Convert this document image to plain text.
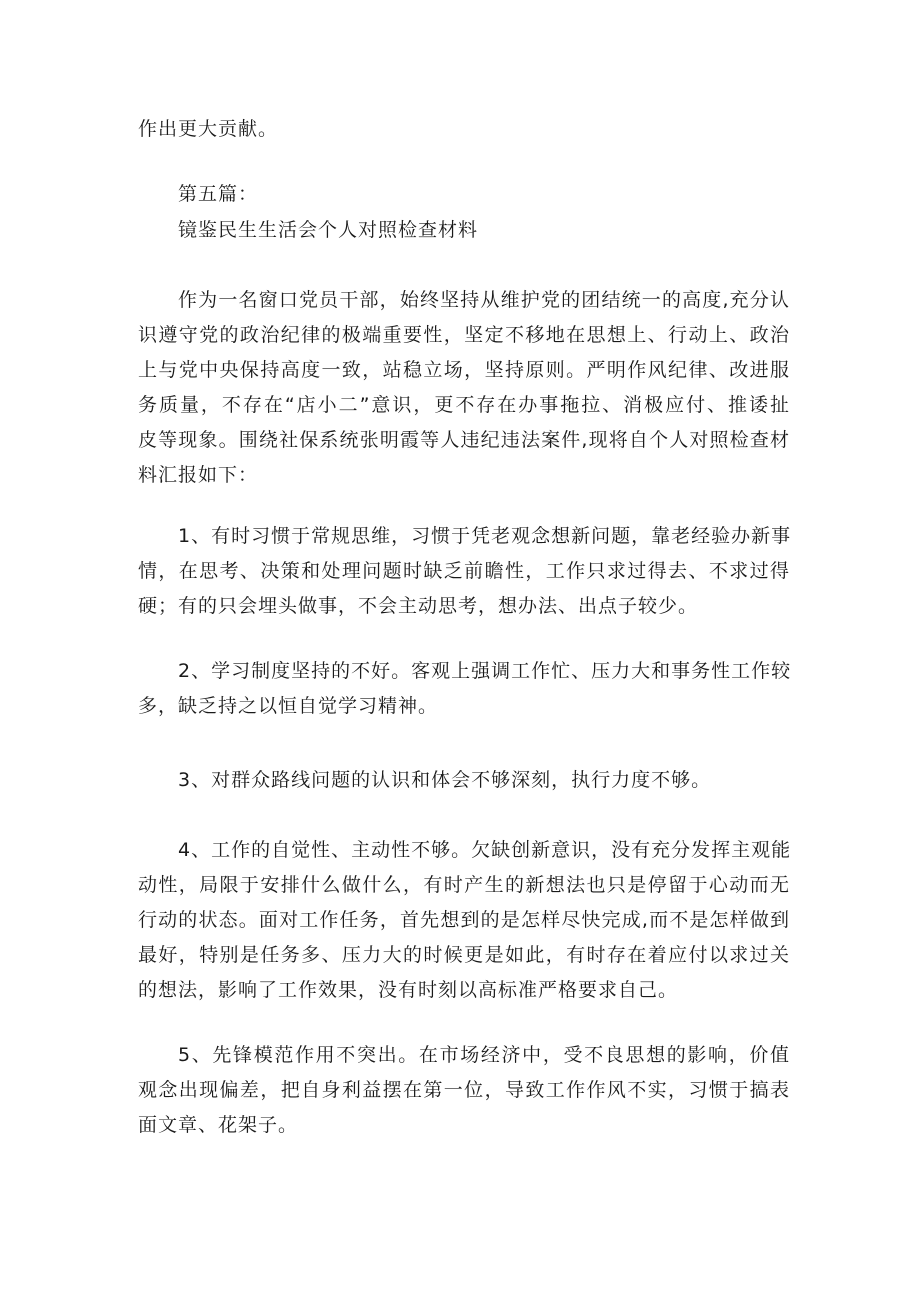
作出更大贡献。
第五篇：
镜鉴民生生活会个人对照检查材料
作为一名窗口党员干部，始终坚持从维护党的团结统一的高度,充分认
识遵守党的政治纪律的极端重要性，坚定不移地在思想上、行动上、政治
上与党中央保持高度一致，站稳立场，坚持原则。严明作风纪律、改进服
务质量，不存在“店小二”意识，更不存在办事拖拉、消极应付、推诿扯
皮等现象。围绕社保系统张明霞等人违纪违法案件,现将自个人对照检查材
料汇报如下：
1、有时习惯于常规思维，习惯于凭老观念想新问题，靠老经验办新事
情，在思考、决策和处理问题时缺乏前瞻性，工作只求过得去、不求过得
硬；有的只会埋头做事，不会主动思考，想办法、出点子较少。
2、学习制度坚持的不好。客观上强调工作忙、压力大和事务性工作较
多，缺乏持之以恒自觉学习精神。
3、对群众路线问题的认识和体会不够深刻，执行力度不够。
4、工作的自觉性、主动性不够。欠缺创新意识，没有充分发挥主观能
动性，局限于安排什么做什么，有时产生的新想法也只是停留于心动而无
行动的状态。面对工作任务，首先想到的是怎样尽快完成,而不是怎样做到
最好，特别是任务多、压力大的时候更是如此，有时存在着应付以求过关
的想法，影响了工作效果，没有时刻以高标准严格要求自己。
5、先锋模范作用不突出。在市场经济中，受不良思想的影响，价值
观念出现偏差，把自身利益摆在第一位，导致工作作风不实，习惯于搞表
面文章、花架子。
